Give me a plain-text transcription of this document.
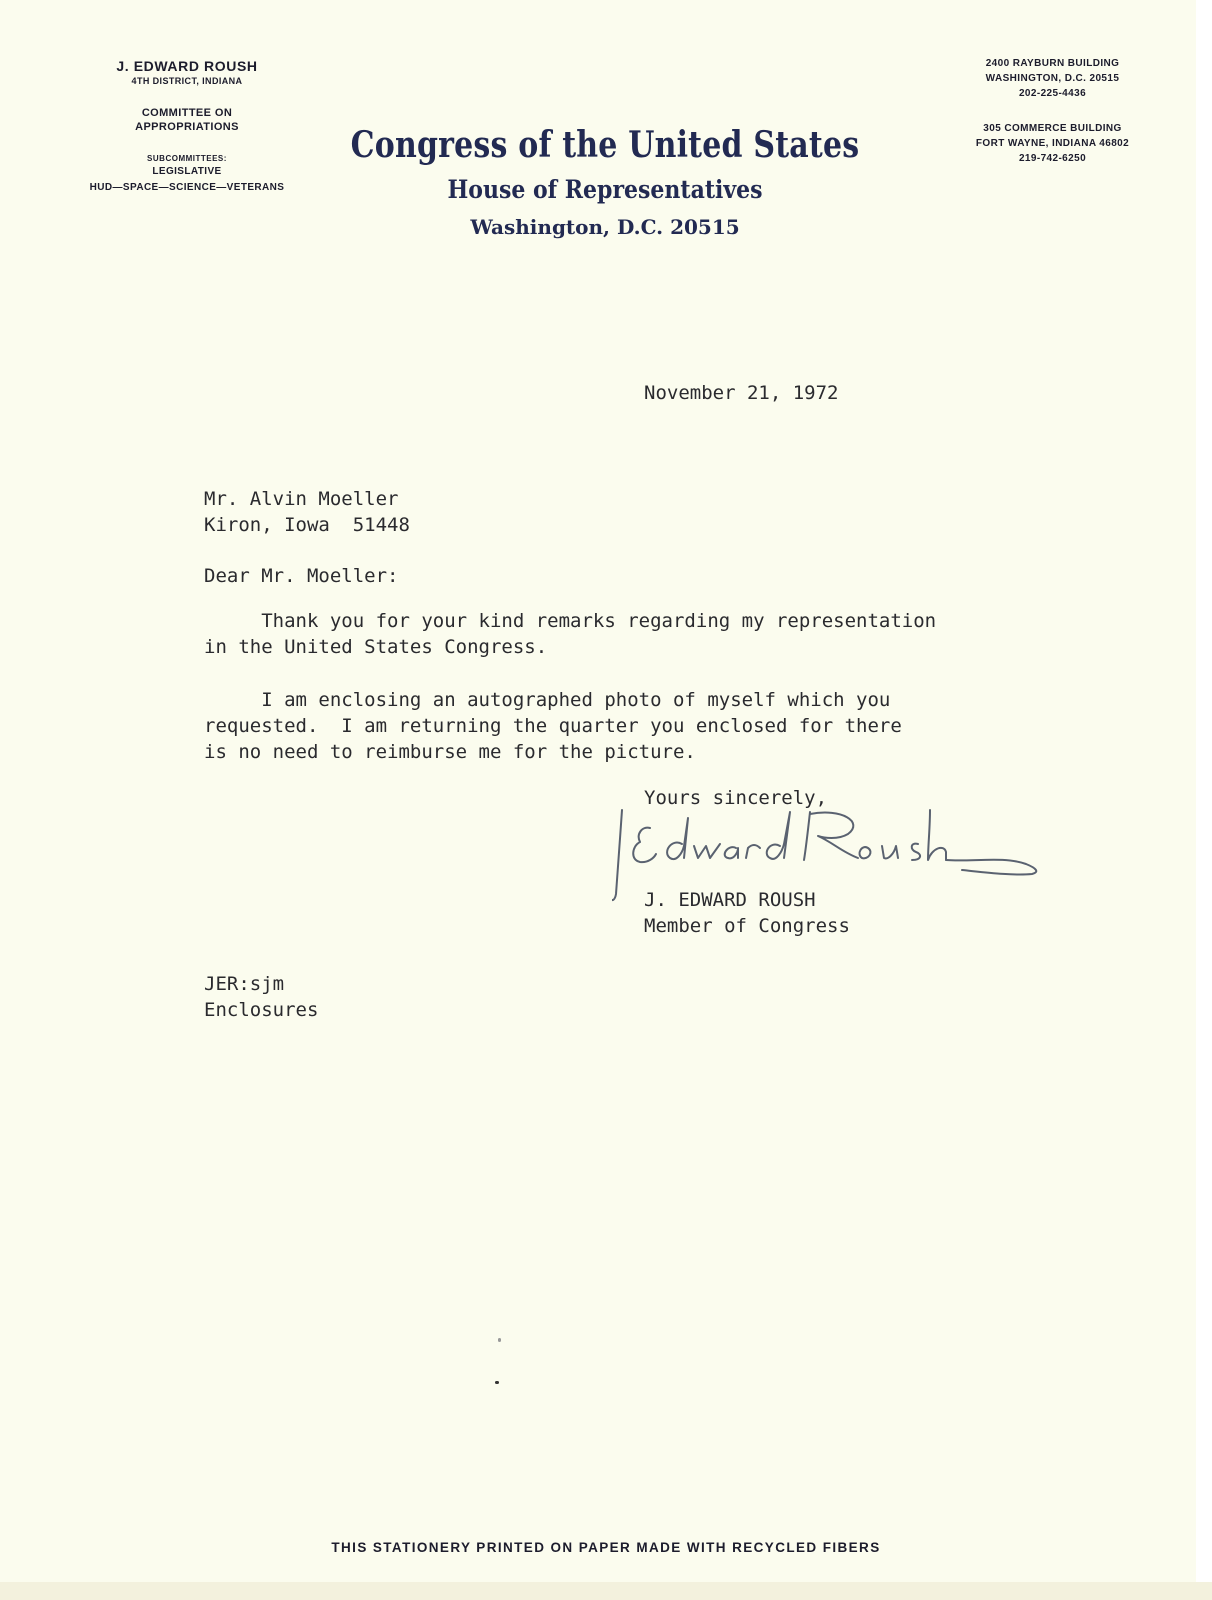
J. EDWARD ROUSH
4TH DISTRICT, INDIANA
COMMITTEE ON
APPROPRIATIONS
SUBCOMMITTEES:
LEGISLATIVE
HUD—SPACE—SCIENCE—VETERANS
Congress of the United States
House of Representatives
Washington, D.C. 20515
2400 RAYBURN BUILDING
WASHINGTON, D.C. 20515
202-225-4436
305 COMMERCE BUILDING
FORT WAYNE, INDIANA 46802
219-742-6250
November 21, 1972
Mr. Alvin Moeller
Kiron, Iowa  51448
Dear Mr. Moeller:
Thank you for your kind remarks regarding my representation
in the United States Congress.
I am enclosing an autographed photo of myself which you
requested.  I am returning the quarter you enclosed for there
is no need to reimburse me for the picture.
Yours sincerely,
J. EDWARD ROUSH
Member of Congress
JER:sjm
Enclosures
THIS STATIONERY PRINTED ON PAPER MADE WITH RECYCLED FIBERS
